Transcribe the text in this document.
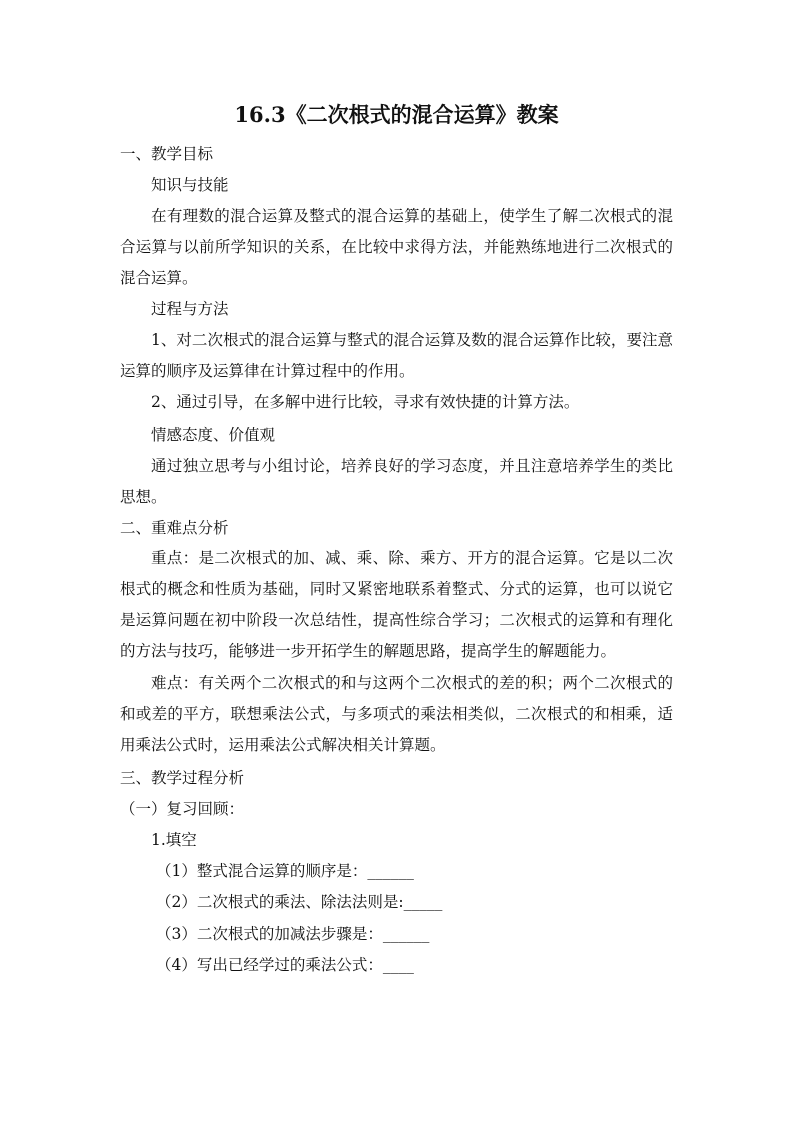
16.3《二次根式的混合运算》教案
一、教学目标
知识与技能
在有理数的混合运算及整式的混合运算的基础上，使学生了解二次根式的混合运算与以前所学知识的关系，在比较中求得方法，并能熟练地进行二次根式的混合运算。
过程与方法
1、对二次根式的混合运算与整式的混合运算及数的混合运算作比较，要注意运算的顺序及运算律在计算过程中的作用。
2、通过引导，在多解中进行比较，寻求有效快捷的计算方法。
情感态度、价值观
通过独立思考与小组讨论，培养良好的学习态度，并且注意培养学生的类比思想。
二、重难点分析
重点：是二次根式的加、减、乘、除、乘方、开方的混合运算。它是以二次根式的概念和性质为基础，同时又紧密地联系着整式、分式的运算，也可以说它是运算问题在初中阶段一次总结性，提高性综合学习；二次根式的运算和有理化的方法与技巧，能够进一步开拓学生的解题思路，提高学生的解题能力。
难点：有关两个二次根式的和与这两个二次根式的差的积；两个二次根式的和或差的平方，联想乘法公式，与多项式的乘法相类似，二次根式的和相乘，适用乘法公式时，运用乘法公式解决相关计算题。
三、教学过程分析
（一）复习回顾：
1.填空
（1）整式混合运算的顺序是：______
（2）二次根式的乘法、除法法则是:_____
（3）二次根式的加减法步骤是：______
（4）写出已经学过的乘法公式：____
